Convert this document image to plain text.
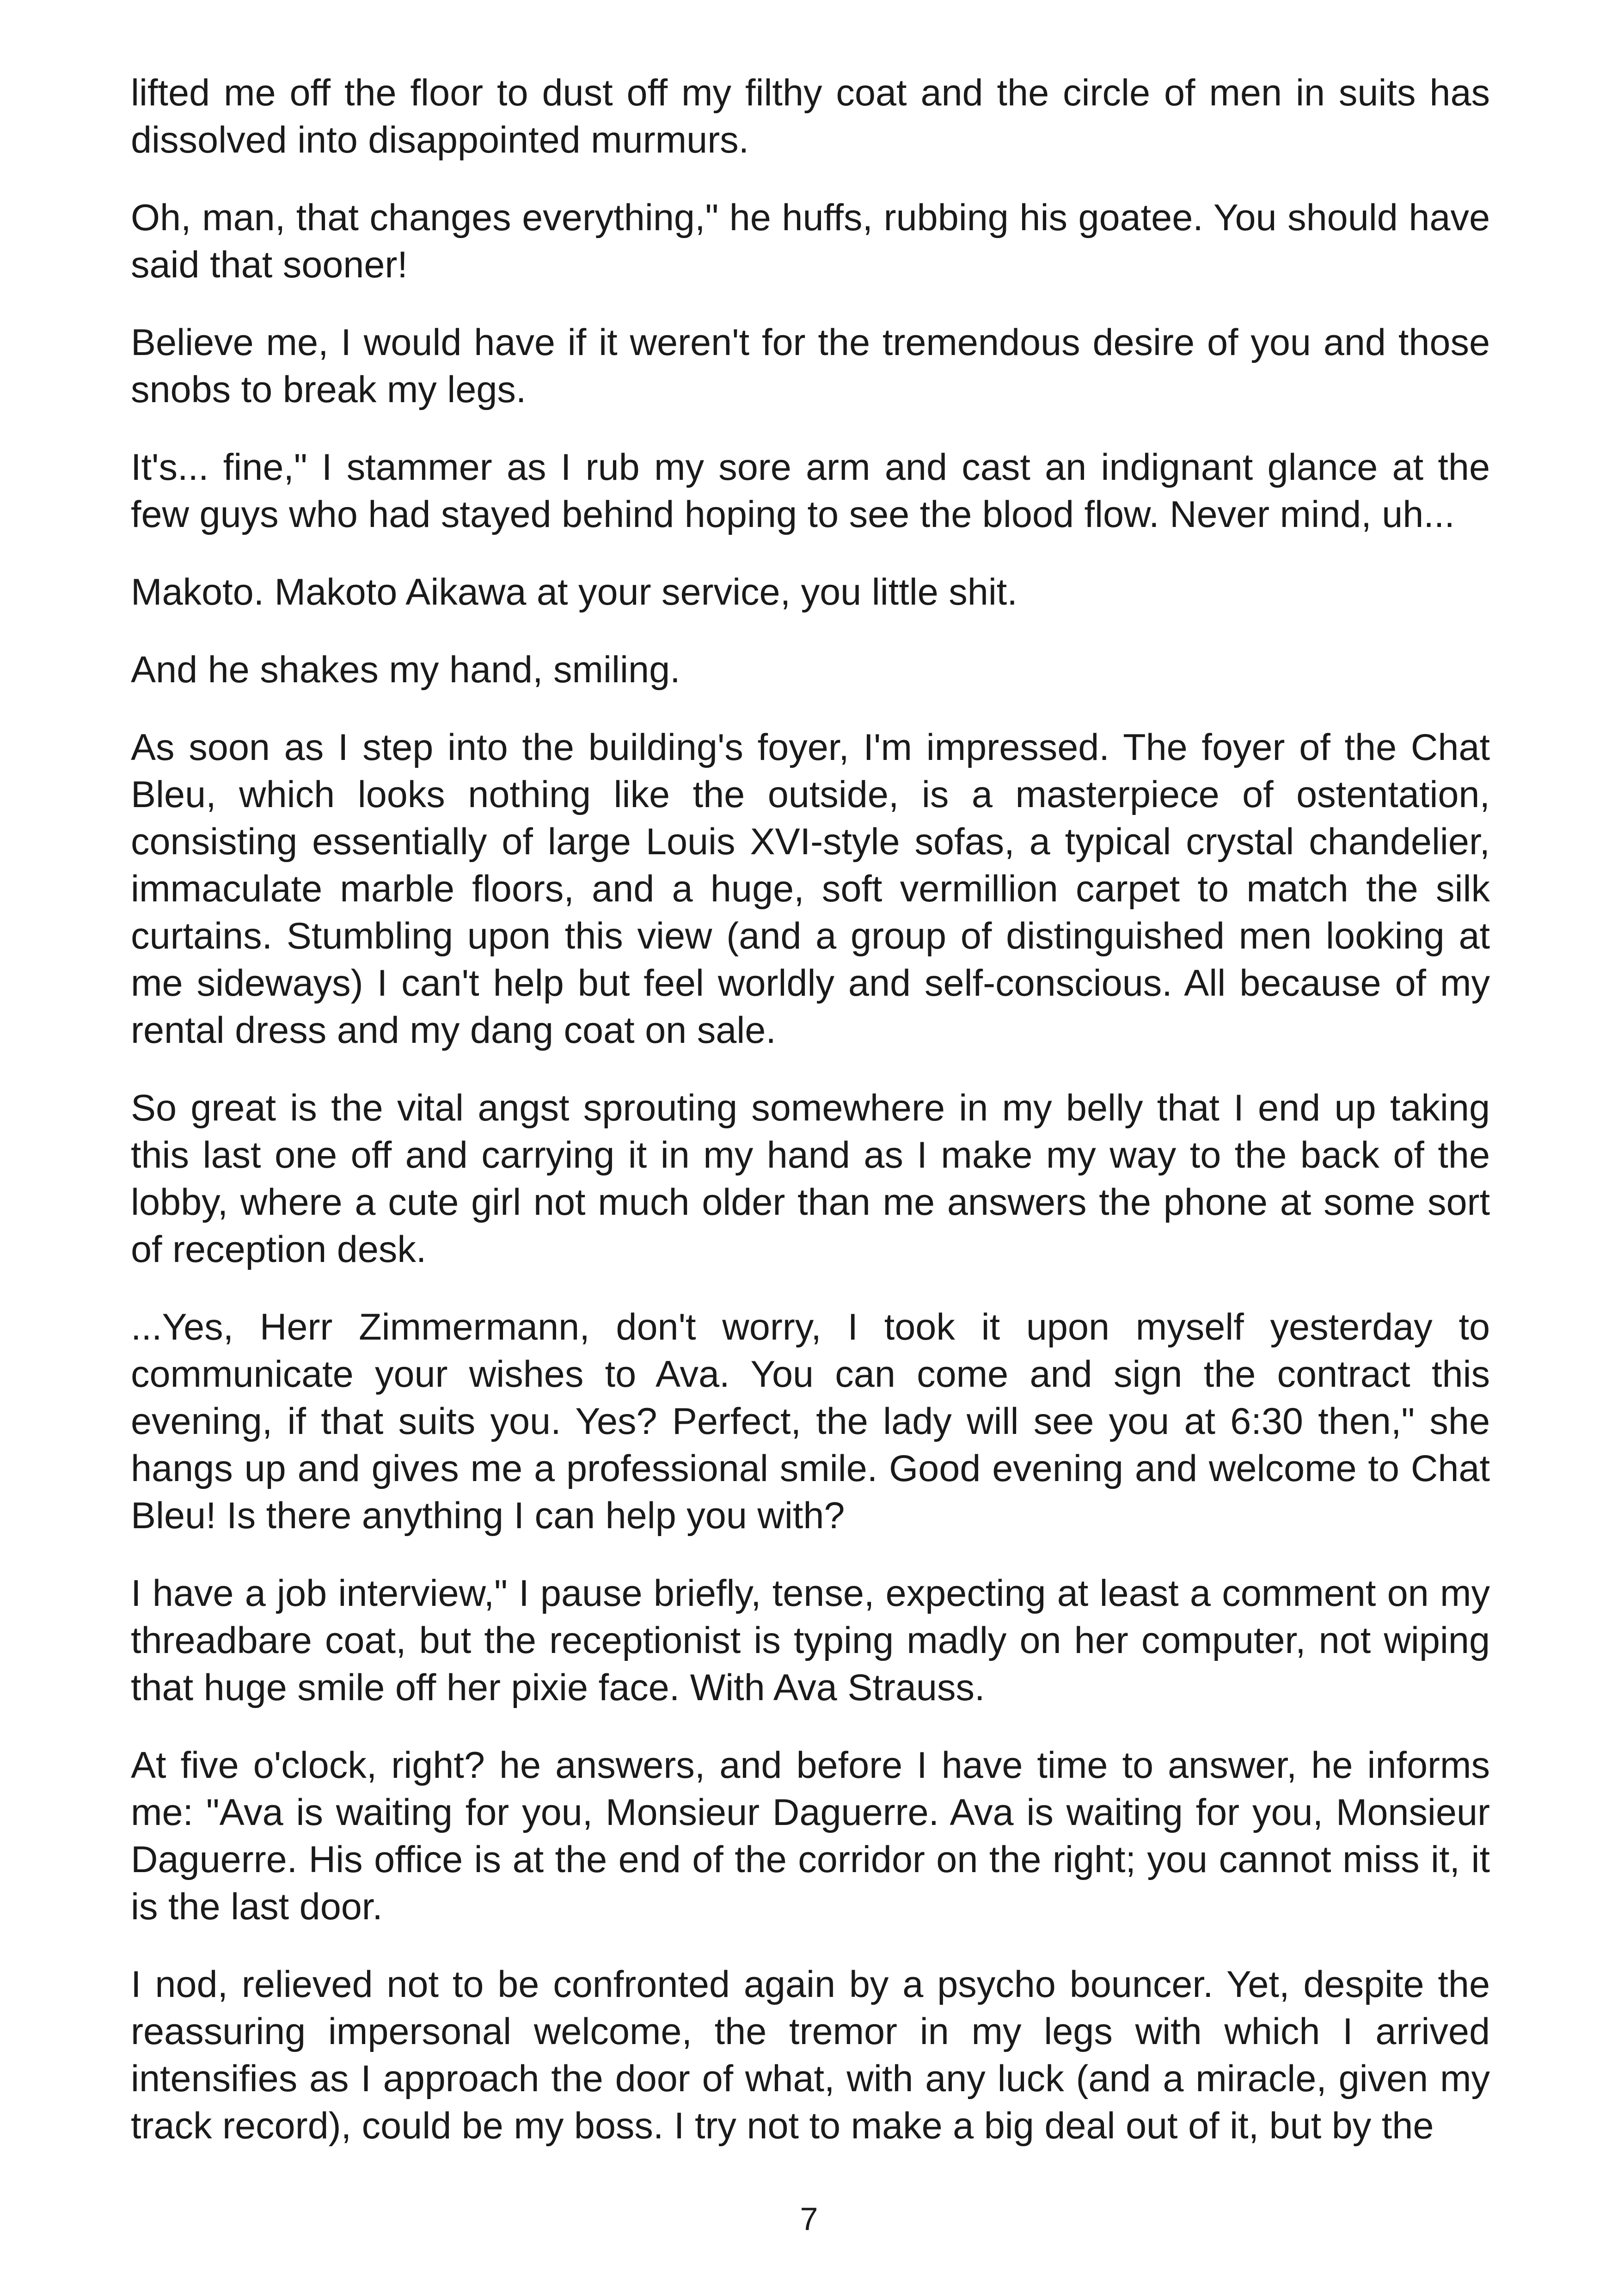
lifted me off the floor to dust off my filthy coat and the circle of men in suits has dissolved into disappointed murmurs.

Oh, man, that changes everything," he huffs, rubbing his goatee. You should have said that sooner!

Believe me, I would have if it weren't for the tremendous desire of you and those snobs to break my legs.

It's... fine," I stammer as I rub my sore arm and cast an indignant glance at the few guys who had stayed behind hoping to see the blood flow. Never mind, uh...

Makoto. Makoto Aikawa at your service, you little shit.

And he shakes my hand, smiling.

As soon as I step into the building's foyer, I'm impressed. The foyer of the Chat Bleu, which looks nothing like the outside, is a masterpiece of ostentation, consisting essentially of large Louis XVI-style sofas, a typical crystal chandelier, immaculate marble floors, and a huge, soft vermillion carpet to match the silk curtains. Stumbling upon this view (and a group of distinguished men looking at me sideways) I can't help but feel worldly and self-conscious. All because of my rental dress and my dang coat on sale.

So great is the vital angst sprouting somewhere in my belly that I end up taking this last one off and carrying it in my hand as I make my way to the back of the lobby, where a cute girl not much older than me answers the phone at some sort of reception desk.

...Yes, Herr Zimmermann, don't worry, I took it upon myself yesterday to communicate your wishes to Ava. You can come and sign the contract this evening, if that suits you. Yes? Perfect, the lady will see you at 6:30 then," she hangs up and gives me a professional smile. Good evening and welcome to Chat Bleu! Is there anything I can help you with?

I have a job interview," I pause briefly, tense, expecting at least a comment on my threadbare coat, but the receptionist is typing madly on her computer, not wiping that huge smile off her pixie face. With Ava Strauss.

At five o'clock, right? he answers, and before I have time to answer, he informs me: "Ava is waiting for you, Monsieur Daguerre. Ava is waiting for you, Monsieur Daguerre. His office is at the end of the corridor on the right; you cannot miss it, it is the last door.

I nod, relieved not to be confronted again by a psycho bouncer. Yet, despite the reassuring impersonal welcome, the tremor in my legs with which I arrived intensifies as I approach the door of what, with any luck (and a miracle, given my track record), could be my boss. I try not to make a big deal out of it, but by the

7
